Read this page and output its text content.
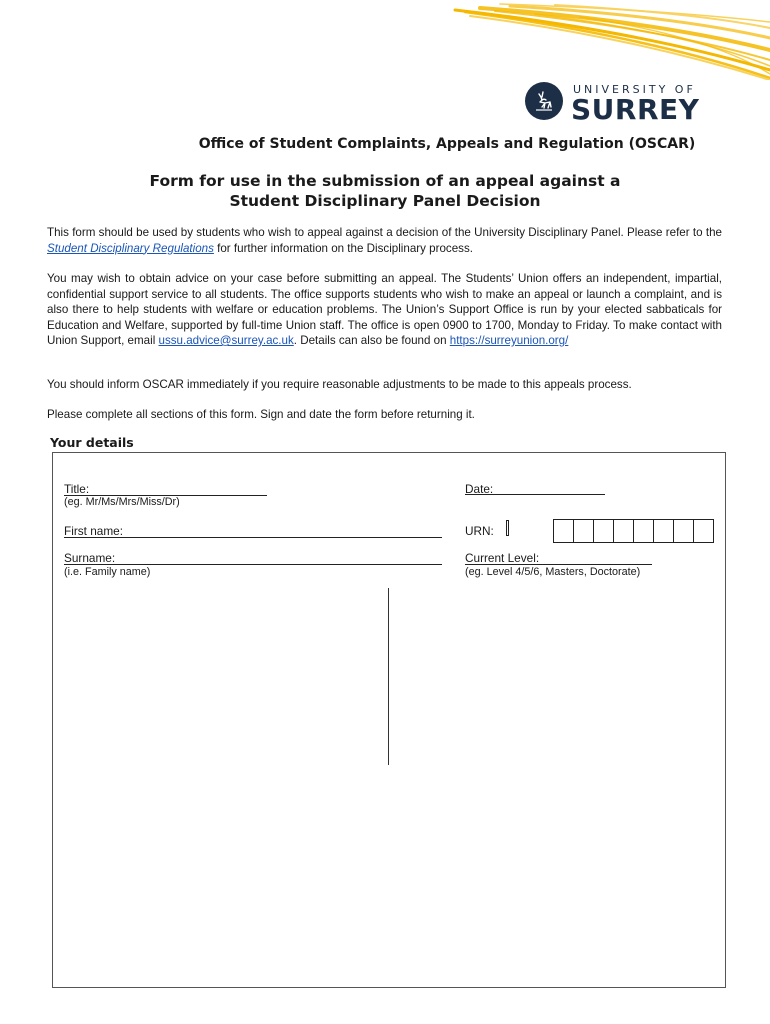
UNIVERSITY OF
SURREY
Office of Student Complaints, Appeals and Regulation (OSCAR)
Form for use in the submission of an appeal against a
Student Disciplinary Panel Decision

This form should be used by students who wish to appeal against a decision of the University Disciplinary Panel. Please refer to the Student Disciplinary Regulations for further information on the Disciplinary process.

You may wish to obtain advice on your case before submitting an appeal. The Students’ Union offers an independent, impartial, confidential support service to all students. The office supports students who wish to make an appeal or launch a complaint, and is also there to help students with welfare or education problems. The Union’s Support Office is run by your elected sabbaticals for Education and Welfare, supported by full-time Union staff. The office is open 0900 to 1700, Monday to Friday. To make contact with Union Support, email ussu.advice@surrey.ac.uk. Details can also be found on https://surreyunion.org/

You should inform OSCAR immediately if you require reasonable adjustments to be made to this appeals process.

Please complete all sections of this form. Sign and date the form before returning it.

Your details
Title:
(eg. Mr/Ms/Mrs/Miss/Dr)
Date:
First name:	URN:
Surname:
(i.e. Family name)
Current Level:
(eg. Level 4/5/6, Masters, Doctorate)
